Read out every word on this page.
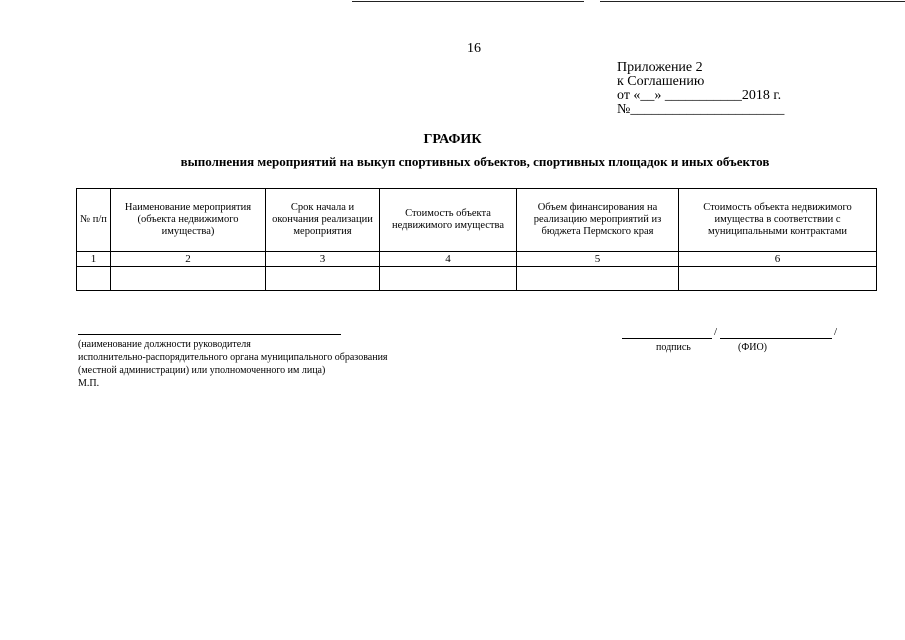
16
Приложение 2
к Соглашению
от «__» ___________2018 г.
№______________________
ГРАФИК
выполнения мероприятий на выкуп спортивных объектов, спортивных площадок и иных объектов
№ п/п	Наименование мероприятия (объекта недвижимого имущества)	Срок начала и окончания реализации мероприятия	Стоимость объекта недвижимого имущества	Объем финансирования на реализацию мероприятий из бюджета Пермского края	Стоимость объекта недвижимого имущества в соответствии с муниципальными контрактами
1	2	3	4	5	6

(наименование должности руководителя
исполнительно-распорядительного органа муниципального образования
(местной администрации) или уполномоченного им лица)
М.П.
/	/
подпись	(ФИО)
